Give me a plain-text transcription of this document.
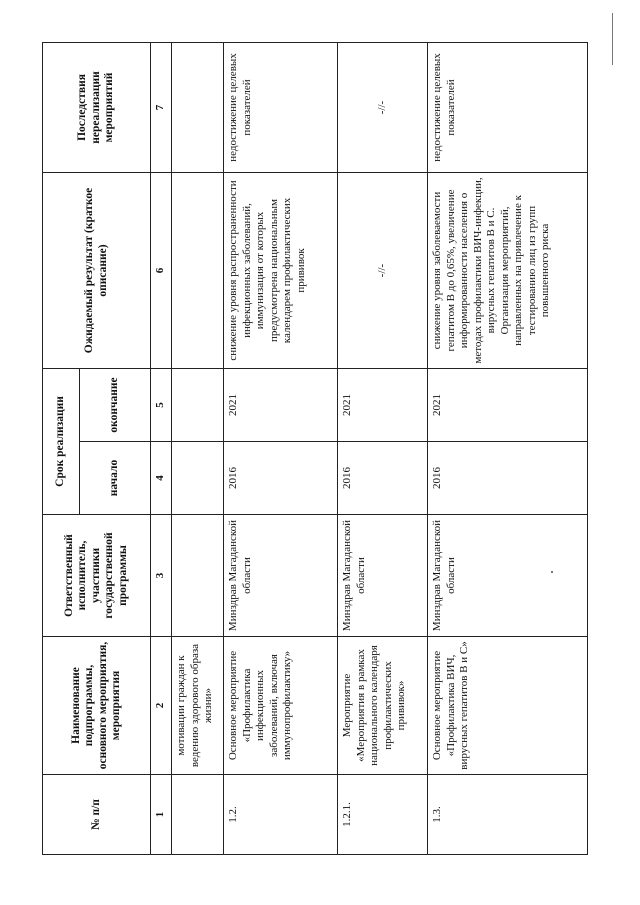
№ п/п	Наименование подпрограммы, основного мероприятия, мероприятия	Ответственный исполнитель, участники государственной программы	Срок реализации		Ожидаемый результат (краткое описание)	Последствия нереализации мероприятий
			начало	окончание		
1	2	3	4	5	6	7
	мотивации граждан к ведению здорового образа жизни»					
1.2.	Основное мероприятие «Профилактика инфекционных заболеваний, включая иммунопрофилактику»	Минздрав Магаданской области	2016	2021	снижение уровня распространенности инфекционных заболеваний, иммунизация от которых предусмотрена национальным календарем профилактических прививок	недостижение целевых показателей
1.2.1.	Мероприятие «Мероприятия в рамках национального календаря профилактических прививок»	Минздрав Магаданской области	2016	2021	-//-	-//-
1.3.	Основное мероприятие «Профилактика ВИЧ, вирусных гепатитов В и С»	Минздрав Магаданской области	2016	2021	снижение уровня заболеваемости гепатитом В до 0,65%, увеличение информированности населения о методах профилактики ВИЧ-инфекции, вирусных гепатитов В и С. Организация мероприятий, направленных на привлечение к тестированию лиц из групп повышенного риска	недостижение целевых показателей
